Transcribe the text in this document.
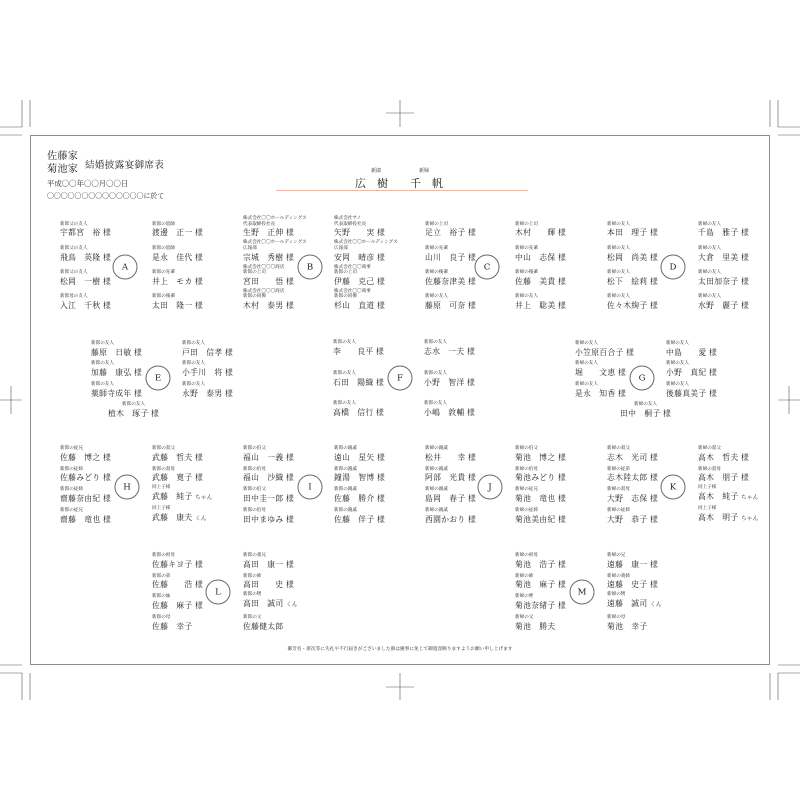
佐藤家
菊池家 結婚披露宴御席表
平成〇〇年〇〇月〇〇日
〇〇〇〇〇〇〇〇〇〇〇〇〇〇に於て
新郎	新婦
広　樹 千　帆
新郎父の友人
宇都宮　裕 様
新郎父の友人
飛鳥　英隆 様
新郎父の友人
松岡　一樹 様
新郎母の友人
入江　千秋 様
A
新郎の恩師
渡邊　正一 様
新郎の恩師
是永　佳代 様
新郎の先輩
井上　モカ 様
新郎の後輩
太田　隆一 様
株式会社〇〇ホールディングス
代表取締役社長
生野　正伸 様
株式会社〇〇ホールディングス
広報部
宗城　秀樹 様
株式会社〇〇〇商店
新郎の上司
宮田　　悟 様
株式会社〇〇〇商店
新郎の同僚
木村　泰男 様
B
株式会社サノ
代表取締役社長
矢野　　実 様
株式会社〇〇ホールディングス
広報部
安岡　晴彦 様
株式会社〇〇商事
新郎の上司
伊藤　克己 様
株式会社〇〇商事
新郎の同僚
杉山　直道 様
新婦の上司
足立　裕子 様
新婦の先輩
山川　良子 様
新婦の後輩
佐藤奈津美 様
新婦の友人
藤原　可奈 様
C
新婦の上司
木村　　輝 様
新婦の先輩
中山　志保 様
新婦の後輩
佐藤　美貴 様
新婦の友人
井上　聡美 様
新婦の友人
本田　理子 様
新婦の友人
松岡　尚美 様
新婦の友人
松下　絵莉 様
新婦の友人
佐々木絢子 様
D
新婦の友人
千島　雅子 様
新婦の友人
大倉　里美 様
新婦の友人
太田加奈子 様
新婦の友人
水野　麗子 様
新郎の友人
藤原　日敏 様
新郎の友人
加藤　康弘 様
新郎の友人
薬師寺成年 様
E
新郎の友人
戸田　信孝 様
新郎の友人
小手川　将 様
新郎の友人
永野　泰男 様
新郎の友人
植木　琢子 様
新郎の友人
李　　良平 様
新郎の友人
石田　陽織 様
新郎の友人
高橋　信行 様
F
新郎の友人
志水　一夫 様
新郎の友人
小野　智洋 様
新郎の友人
小嶋　敦輔 様
新婦の友人
小笠原百合子 様
新婦の友人
堀　　文恵 様
新婦の友人
是永　知香 様
G
新婦の友人
中島　　愛 様
新婦の友人
小野　真紀 様
新婦の友人
後藤真美子 様
新婦の友人
田中　桐子 様
新郎の従兄
佐藤　博之 様
新郎の従姉
佐藤みどり 様
新郎の従姉
齋藤奈由紀 様
新郎の従兄
齋藤　竜也 様
H
新郎の叔父
武藤　哲夫 様
新郎の叔母
武藤　寛子 様
同上子様
武藤　純子 ちゃん
同上子様
武藤　康夫 くん
新郎の伯父
福山　一義 様
新郎の伯母
福山　沙織 様
新郎の伯父
田中圭一郎 様
新郎の伯母
田中まゆみ 様
I
新郎の親戚
遠山　星矢 様
新郎の親戚
鐘湯　智博 様
新郎の親戚
佐藤　勝介 様
新郎の親戚
佐藤　伴子 様
新婦の親戚
松井　　幸 様
新婦の親戚
阿部　光貴 様
新婦の親戚
島岡　春子 様
新婦の親戚
西園かおり 様
J
新婦の伯父
菊池　博之 様
新婦の伯母
菊池みどり 様
新婦の従兄
菊池　竜也 様
新婦の従姉
菊池美由紀 様
新婦の叔父
志木　光司 様
新婦の従弟
志木陸太郎 様
新婦の叔母
大野　志保 様
新婦の従姉
大野　恭子 様
K
新婦の叔父
高木　哲夫 様
新婦の叔母
高木　朋子 様
同上子様
高木　純子 ちゃん
同上子様
高木　明子 ちゃん
新郎の祖母
佐藤キヨ子 様
新郎の弟
佐藤　　浩 様
新郎の妹
佐藤　麻子 様
新郎の母
佐藤　幸子
L
新郎の義兄
高田　康一 様
新郎の姉
高田　　史 様
新郎の甥
高田　誠司 くん
新郎の父
佐藤健太郎
新婦の祖母
菊池　浩子 様
新婦の姉
菊池　麻子 様
新婦の姪
菊池奈緒子 様
新婦の父
菊池　勝夫
M
新婦の兄
遠藤　康一 様
新婦の義姉
遠藤　史子 様
新婦の甥
遠藤　誠司 くん
新婦の母
菊池　幸子
御芳名・席次等に失礼や不行届きがございました節は慶事に免じて御寛容賜りますようお願い申し上げます
